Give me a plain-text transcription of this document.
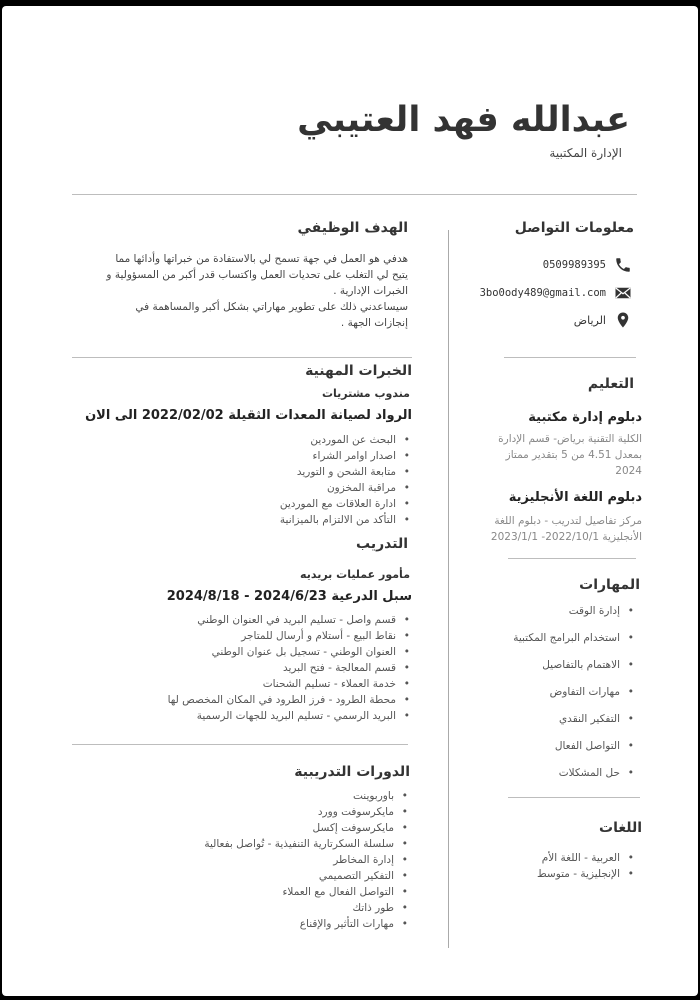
عبدالله فهد العتيبي
الإدارة المكتبية
معلومات التواصل
0509989395
3bo0ody489@gmail.com
الرياض
التعليم
دبلوم إدارة مكتبية
الكلية التقنية برياض- قسم الإدارة
بمعدل 4.51 من 5 بتقدير ممتاز
2024
دبلوم اللغة الأنجليزية
مركز تفاصيل لتدريب - دبلوم اللغة
الأنجليزية 2022/10/1- 2023/1/1
المهارات
• إدارة الوقت
• استخدام البرامج المكتبية
• الاهتمام بالتفاصيل
• مهارات التفاوض
• التفكير النقدي
• التواصل الفعال
• حل المشكلات
اللغات
• العربية - اللغة الأم
• الإنجليزية - متوسط
الهدف الوظيفي
هدفي هو العمل في جهة تسمح لي بالاستفادة من خبراتها وأدائها مما
يتيح لي التغلب على تحديات العمل واكتساب قدر أكبر من المسؤولية و
الخبرات الإدارية .
سيساعدني ذلك على تطوير مهاراتي بشكل أكبر والمساهمة في
إنجازات الجهة .
الخبرات المهنية
مندوب مشتريات
الرواد لصيانة المعدات الثقيلة 2022/02/02 الى الان
• البحث عن الموردين
• اصدار اوامر الشراء
• متابعة الشحن و التوريد
• مراقبة المخزون
• ادارة العلاقات مع الموردين
• التأكد من الالتزام بالميزانية
التدريب
مأمور عمليات بريديه
سبل الدرعية 2024/6/23 - 2024/8/18
• قسم واصل - تسليم البريد في العنوان الوطني
• نقاط البيع - أستلام و أرسال للمتاجر
• العنوان الوطني - تسجيل بل عنوان الوطني
• قسم المعالجة - فتح البريد
• خدمة العملاء - تسليم الشحنات
• محطة الطرود - فرز الطرود في المكان المخصص لها
• البريد الرسمي - تسليم البريد للجهات الرسمية
الدورات التدريبية
• باوربوينت
• مايكرسوفت وورد
• مايكرسوفت إكسل
• سلسلة السكرتارية التنفيذية - تُواصل بفعالية
• إدارة المخاطر
• التفكير التصميمي
• التواصل الفعال مع العملاء
• طور ذاتك
• مهارات التأثير والإقناع
